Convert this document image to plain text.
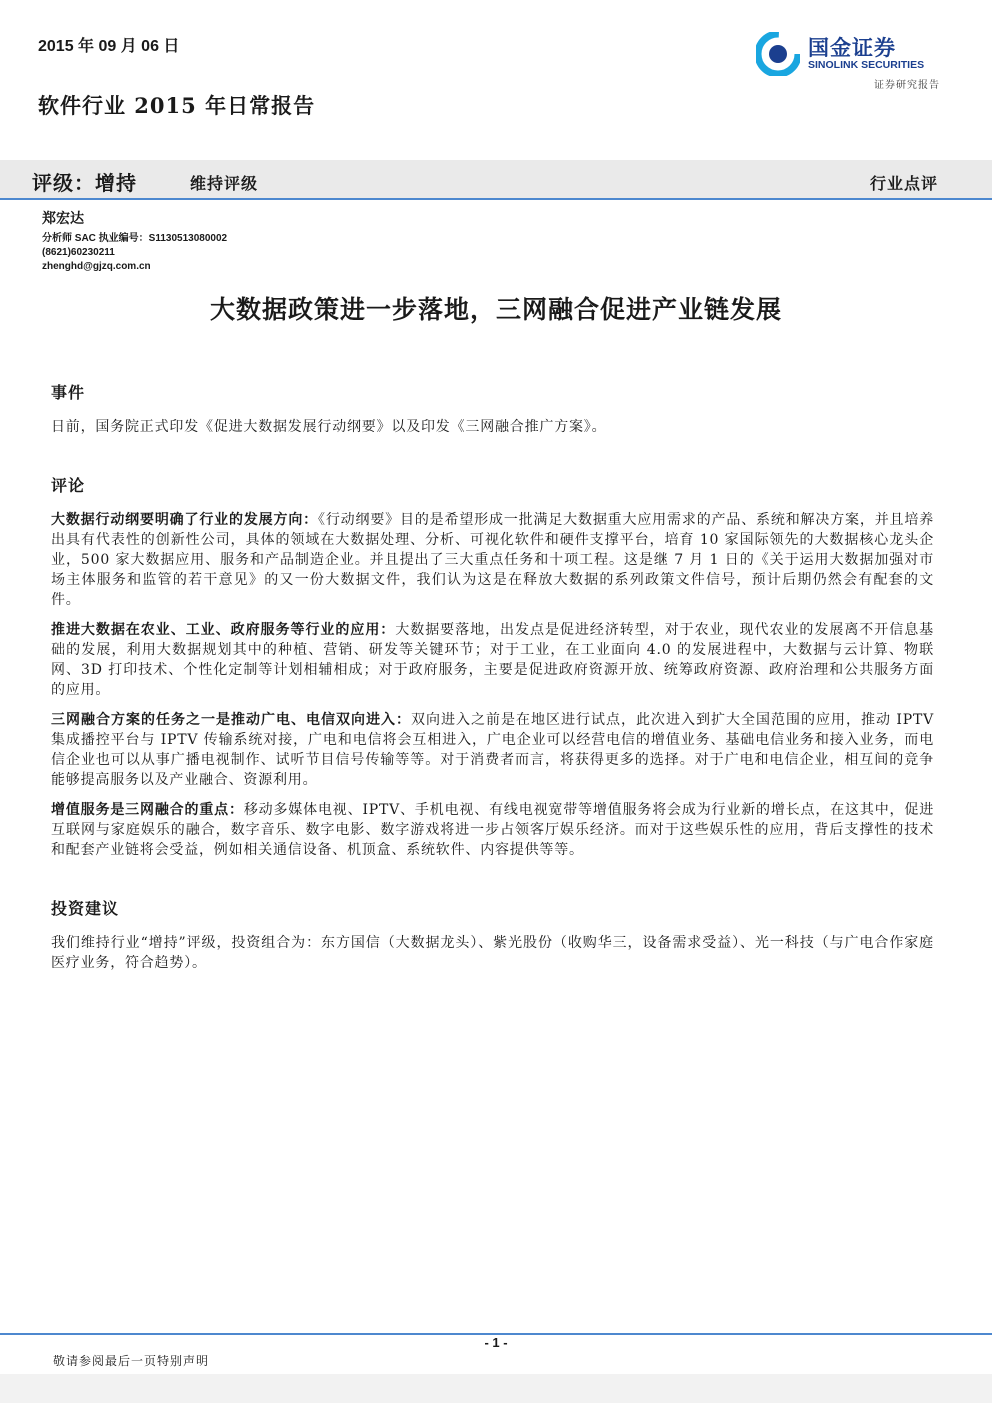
2015 年 09 月 06 日
软件行业 2015 年日常报告
国金证券
SINOLINK SECURITIES
证券研究报告
评级：增持	维持评级	行业点评
郑宏达
分析师 SAC 执业编号：S1130513080002
(8621)60230211
zhenghd@gjzq.com.cn
大数据政策进一步落地，三网融合促进产业链发展
事件
日前，国务院正式印发《促进大数据发展行动纲要》以及印发《三网融合推广方案》。
评论
大数据行动纲要明确了行业的发展方向：《行动纲要》目的是希望形成一批满足大数据重大应用需求的产品、系统和解决方案，并且培养出具有代表性的创新性公司，具体的领域在大数据处理、分析、可视化软件和硬件支撑平台，培育 10 家国际领先的大数据核心龙头企业，500 家大数据应用、服务和产品制造企业。并且提出了三大重点任务和十项工程。这是继 7 月 1 日的《关于运用大数据加强对市场主体服务和监管的若干意见》的又一份大数据文件，我们认为这是在释放大数据的系列政策文件信号，预计后期仍然会有配套的文件。
推进大数据在农业、工业、政府服务等行业的应用：大数据要落地，出发点是促进经济转型，对于农业，现代农业的发展离不开信息基础的发展，利用大数据规划其中的种植、营销、研发等关键环节；对于工业，在工业面向 4.0 的发展进程中，大数据与云计算、物联网、3D 打印技术、个性化定制等计划相辅相成；对于政府服务，主要是促进政府资源开放、统筹政府资源、政府治理和公共服务方面的应用。
三网融合方案的任务之一是推动广电、电信双向进入：双向进入之前是在地区进行试点，此次进入到扩大全国范围的应用，推动 IPTV 集成播控平台与 IPTV 传输系统对接，广电和电信将会互相进入，广电企业可以经营电信的增值业务、基础电信业务和接入业务，而电信企业也可以从事广播电视制作、试听节目信号传输等等。对于消费者而言，将获得更多的选择。对于广电和电信企业，相互间的竞争能够提高服务以及产业融合、资源利用。
增值服务是三网融合的重点：移动多媒体电视、IPTV、手机电视、有线电视宽带等增值服务将会成为行业新的增长点，在这其中，促进互联网与家庭娱乐的融合，数字音乐、数字电影、数字游戏将进一步占领客厅娱乐经济。而对于这些娱乐性的应用，背后支撑性的技术和配套产业链将会受益，例如相关通信设备、机顶盒、系统软件、内容提供等等。
投资建议
我们维持行业“增持”评级，投资组合为：东方国信（大数据龙头）、紫光股份（收购华三，设备需求受益）、光一科技（与广电合作家庭医疗业务，符合趋势）。
- 1 -
敬请参阅最后一页特别声明
